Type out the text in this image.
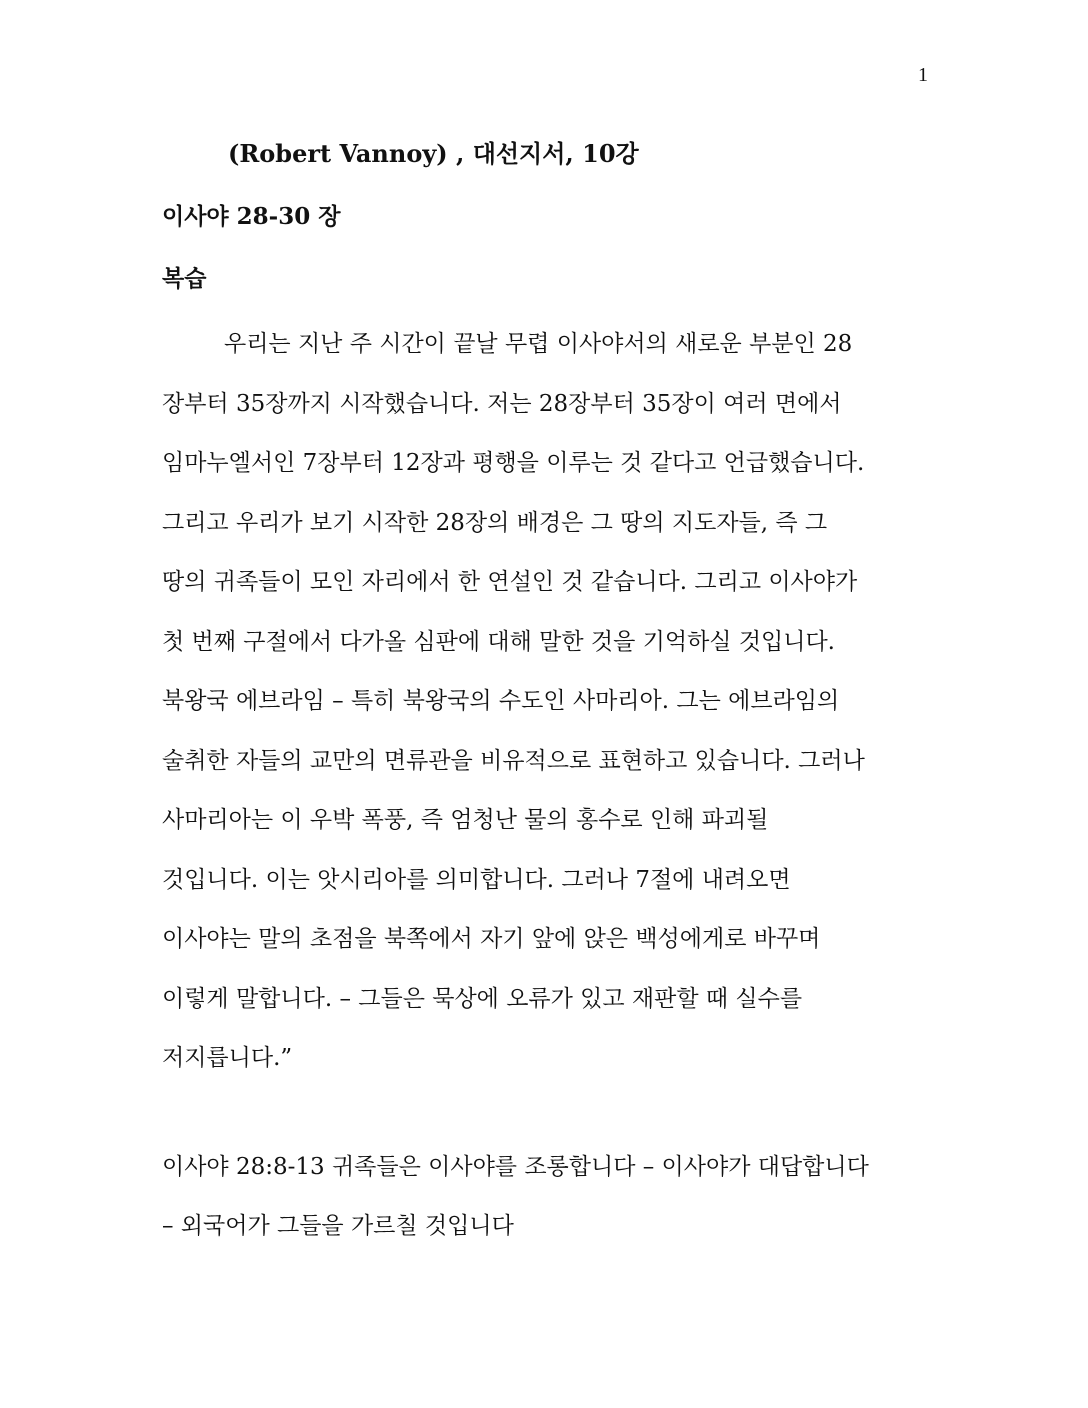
1
(Robert Vannoy) , 대선지서, 10강
이사야 28-30 장
복습
우리는 지난 주 시간이 끝날 무렵 이사야서의 새로운 부분인 28
장부터 35장까지 시작했습니다. 저는 28장부터 35장이 여러 면에서
임마누엘서인 7장부터 12장과 평행을 이루는 것 같다고 언급했습니다.
그리고 우리가 보기 시작한 28장의 배경은 그 땅의 지도자들, 즉 그
땅의 귀족들이 모인 자리에서 한 연설인 것 같습니다. 그리고 이사야가
첫 번째 구절에서 다가올 심판에 대해 말한 것을 기억하실 것입니다.
북왕국 에브라임 – 특히 북왕국의 수도인 사마리아. 그는 에브라임의
술취한 자들의 교만의 면류관을 비유적으로 표현하고 있습니다. 그러나
사마리아는 이 우박 폭풍, 즉 엄청난 물의 홍수로 인해 파괴될
것입니다. 이는 앗시리아를 의미합니다. 그러나 7절에 내려오면
이사야는 말의 초점을 북쪽에서 자기 앞에 앉은 백성에게로 바꾸며
이렇게 말합니다. – 그들은 묵상에 오류가 있고 재판할 때 실수를
저지릅니다.”
이사야 28:8-13 귀족들은 이사야를 조롱합니다 – 이사야가 대답합니다
– 외국어가 그들을 가르칠 것입니다
